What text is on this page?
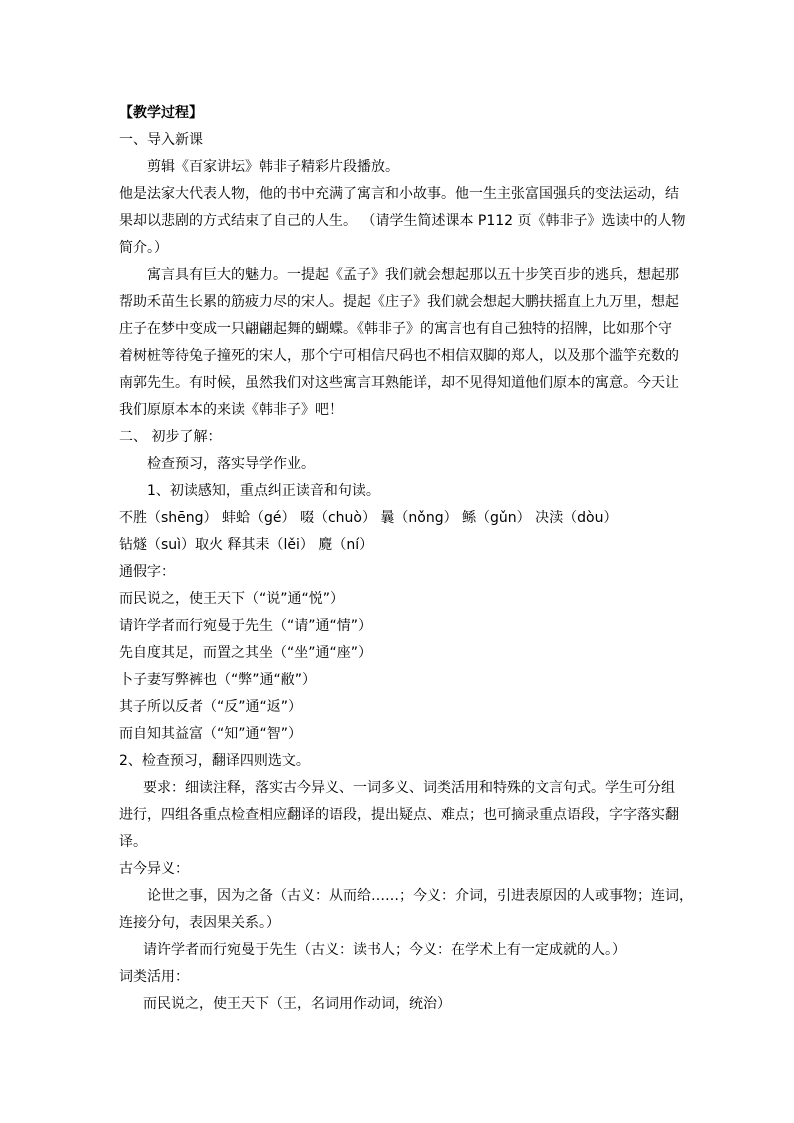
【教学过程】
一、导入新课
剪辑《百家讲坛》韩非子精彩片段播放。
他是法家大代表人物，他的书中充满了寓言和小故事。他一生主张富国强兵的变法运动，结
果却以悲剧的方式结束了自己的人生。 （请学生简述课本 P112 页《韩非子》选读中的人物
简介。）
寓言具有巨大的魅力。一提起《孟子》我们就会想起那以五十步笑百步的逃兵，想起那
帮助禾苗生长累的筋疲力尽的宋人。提起《庄子》我们就会想起大鹏扶摇直上九万里，想起
庄子在梦中变成一只翩翩起舞的蝴蝶。《韩非子》的寓言也有自己独特的招牌，比如那个守
着树桩等待兔子撞死的宋人，那个宁可相信尺码也不相信双脚的郑人，以及那个滥竽充数的
南郭先生。有时候，虽然我们对这些寓言耳熟能详，却不见得知道他们原本的寓意。今天让
我们原原本本的来读《韩非子》吧！
二、 初步了解：
检查预习，落实导学作业。
1、初读感知，重点纠正读音和句读。
不胜（shēng） 蚌蛤（gé） 啜（chuò） 曩（nǒng） 鲧（gǔn） 决渎（dòu）
钻燧（suì）取火 释其耒（lěi） 麑（ní）
通假字：
而民说之，使王天下（“说”通“悦”）
请许学者而行宛曼于先生（“请”通“情”）
先自度其足，而置之其坐（“坐”通“座”）
卜子妻写弊裤也（“弊”通“敝”）
其子所以反者（“反”通“返”）
而自知其益富（“知”通“智”）
2、检查预习，翻译四则选文。
要求：细读注释，落实古今异义、一词多义、词类活用和特殊的文言句式。学生可分组
进行，四组各重点检查相应翻译的语段，提出疑点、难点；也可摘录重点语段，字字落实翻
译。
古今异义：
论世之事，因为之备（古义：从而给……；今义：介词，引进表原因的人或事物；连词，
连接分句，表因果关系。）
请许学者而行宛曼于先生（古义：读书人；今义：在学术上有一定成就的人。）
词类活用：
而民说之，使王天下（王，名词用作动词，统治）
